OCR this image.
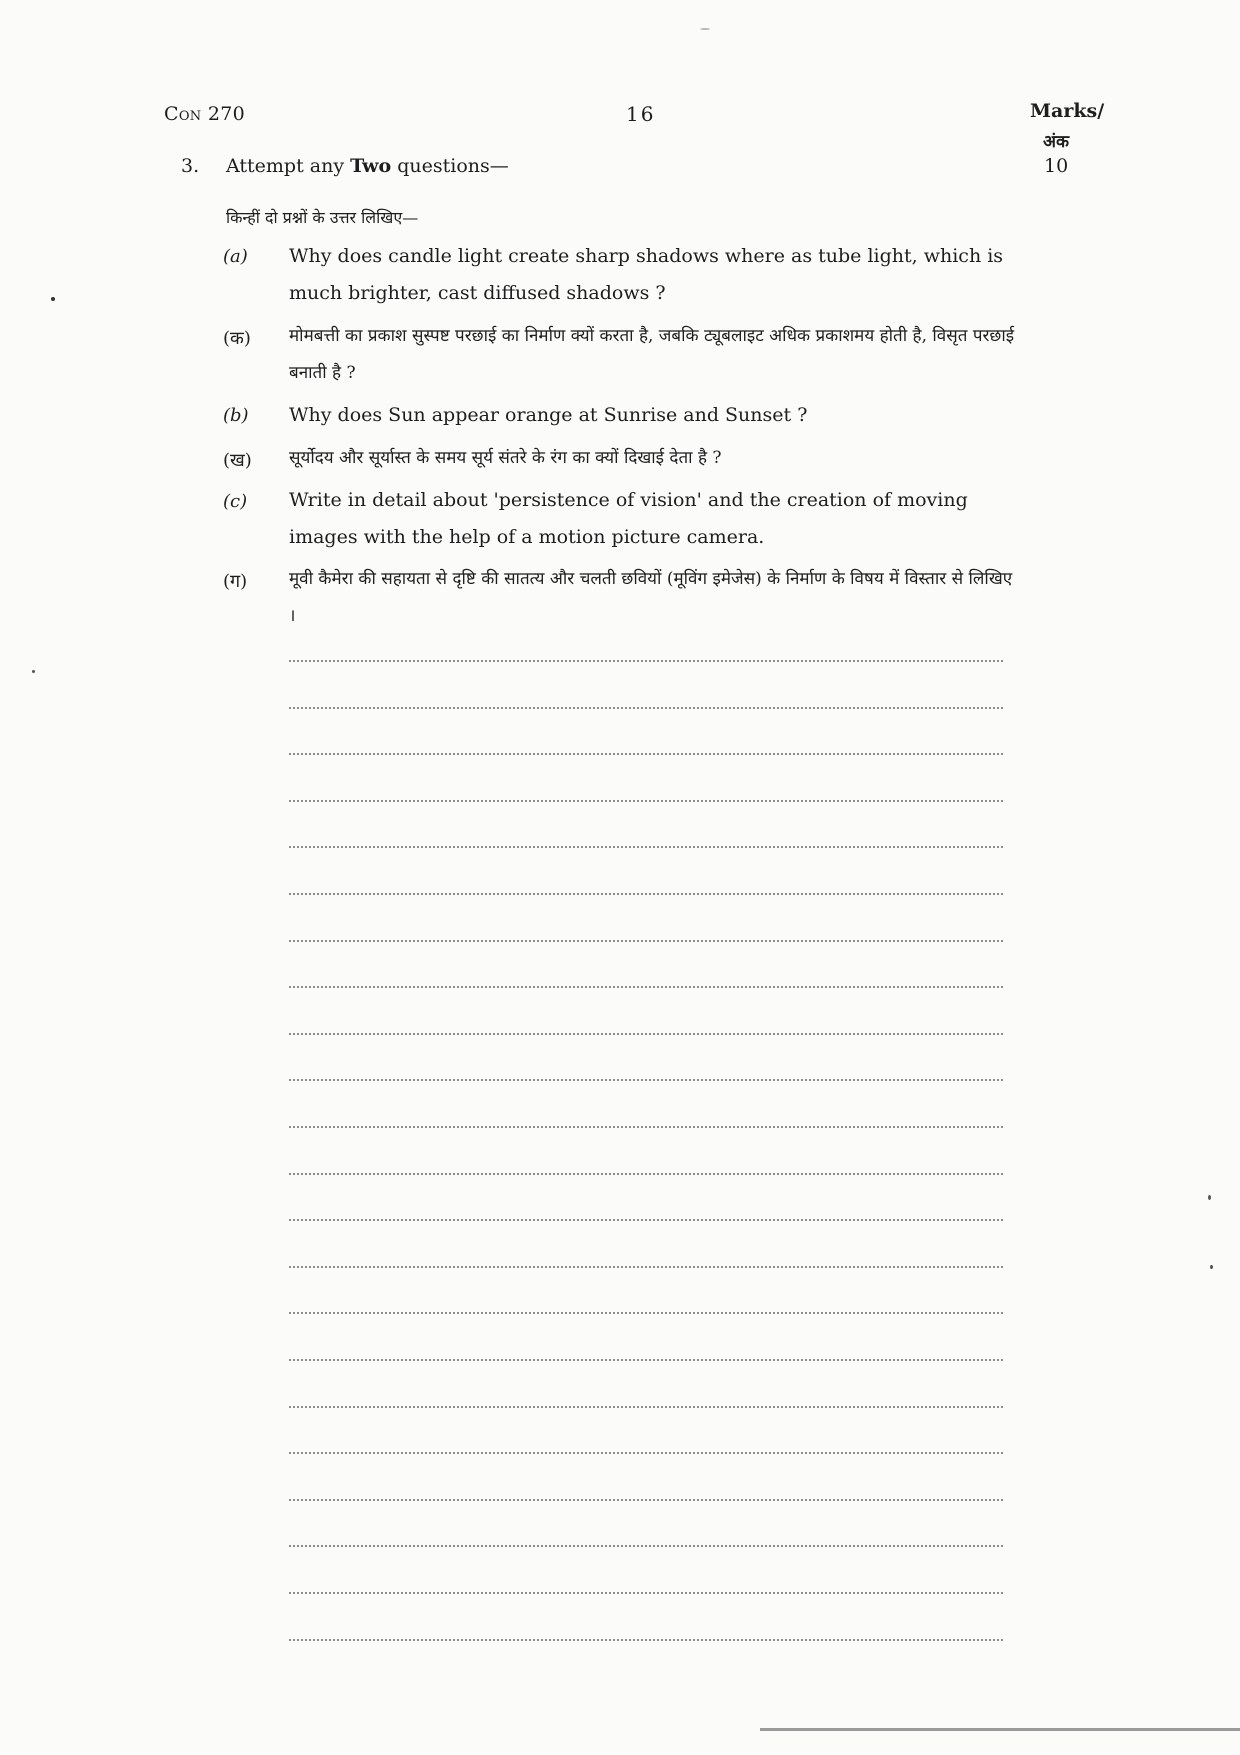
Con 270	16	Marks/
अंक
10
3. Attempt any Two questions—
किन्हीं दो प्रश्नों के उत्तर लिखिए—
(a) Why does candle light create sharp shadows where as tube light, which is much brighter, cast diffused shadows ?
(क) मोमबत्ती का प्रकाश सुस्पष्ट परछाई का निर्माण क्यों करता है, जबकि ट्यूबलाइट अधिक प्रकाशमय होती है, विसृत परछाई बनाती है ?
(b) Why does Sun appear orange at Sunrise and Sunset ?
(ख) सूर्योदय और सूर्यास्त के समय सूर्य संतरे के रंग का क्यों दिखाई देता है ?
(c) Write in detail about 'persistence of vision' and the creation of moving images with the help of a motion picture camera.
(ग) मूवी कैमेरा की सहायता से दृष्टि की सातत्य और चलती छवियों (मूविंग इमेजेस) के निर्माण के विषय में विस्तार से लिखिए ।
